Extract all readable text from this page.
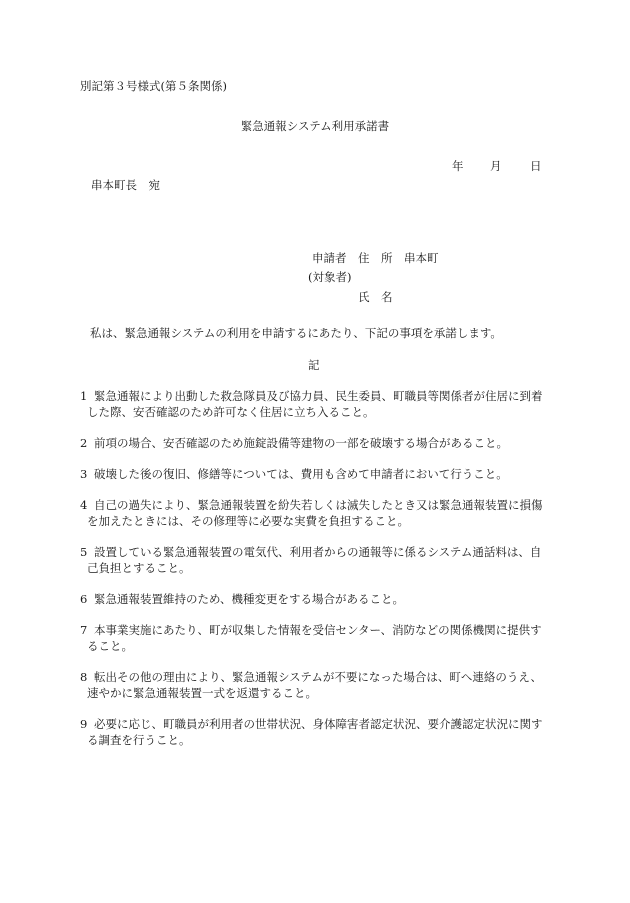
別記第３号様式(第５条関係)
緊急通報システム利用承諾書
年 月 日
串本町長　宛
申請者　住　所　串本町
(対象者)
氏　名
私は、緊急通報システムの利用を申請するにあたり、下記の事項を承諾します。
記
1 緊急通報により出動した救急隊員及び協力員、民生委員、町職員等関係者が住居に到着
した際、安否確認のため許可なく住居に立ち入ること。
2 前項の場合、安否確認のため施錠設備等建物の一部を破壊する場合があること。
3 破壊した後の復旧、修繕等については、費用も含めて申請者において行うこと。
4 自己の過失により、緊急通報装置を紛失若しくは滅失したとき又は緊急通報装置に損傷
を加えたときには、その修理等に必要な実費を負担すること。
5 設置している緊急通報装置の電気代、利用者からの通報等に係るシステム通話料は、自
己負担とすること。
6 緊急通報装置維持のため、機種変更をする場合があること。
7 本事業実施にあたり、町が収集した情報を受信センター、消防などの関係機関に提供す
ること。
8 転出その他の理由により、緊急通報システムが不要になった場合は、町へ連絡のうえ、
速やかに緊急通報装置一式を返還すること。
9 必要に応じ、町職員が利用者の世帯状況、身体障害者認定状況、要介護認定状況に関す
る調査を行うこと。
